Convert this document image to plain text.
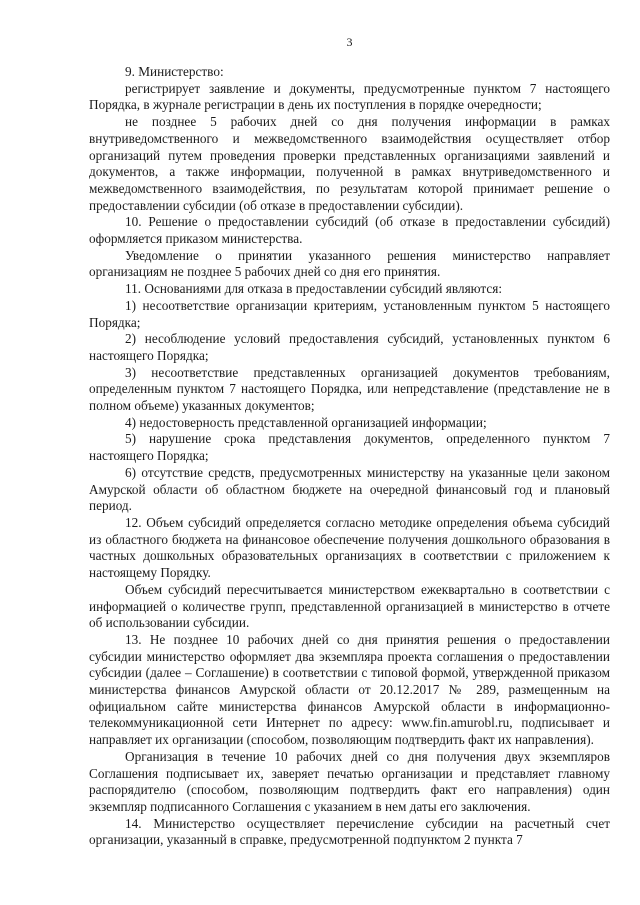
3

9. Министерство:

регистрирует заявление и документы, предусмотренные пунктом 7 настоящего Порядка, в журнале регистрации в день их поступления в порядке очередности;

не позднее 5 рабочих дней со дня получения информации в рамках внутриведомственного и межведомственного взаимодействия осуществляет отбор организаций путем проведения проверки представленных организациями заявлений и документов, а также информации, полученной в рамках внутриведомственного и межведомственного взаимодействия, по результатам которой принимает решение о предоставлении субсидии (об отказе в предоставлении субсидии).

10. Решение о предоставлении субсидий (об отказе в предоставлении субсидий) оформляется приказом министерства.

Уведомление о принятии указанного решения министерство направляет организациям не позднее 5 рабочих дней со дня его принятия.

11. Основаниями для отказа в предоставлении субсидий являются:

1) несоответствие организации критериям, установленным пунктом 5 настоящего Порядка;

2) несоблюдение условий предоставления субсидий, установленных пунктом 6 настоящего Порядка;

3) несоответствие представленных организацией документов требованиям, определенным пунктом 7 настоящего Порядка, или непредставление (представление не в полном объеме) указанных документов;

4) недостоверность представленной организацией информации;

5) нарушение срока представления документов, определенного пунктом 7 настоящего Порядка;

6) отсутствие средств, предусмотренных министерству на указанные цели законом Амурской области об областном бюджете на очередной финансовый год и плановый период.

12. Объем субсидий определяется согласно методике определения объема субсидий из областного бюджета на финансовое обеспечение получения дошкольного образования в частных дошкольных образовательных организациях в соответствии с приложением к настоящему Порядку.

Объем субсидий пересчитывается министерством ежеквартально в соответствии с информацией о количестве групп, представленной организацией в министерство в отчете об использовании субсидии.

13. Не позднее 10 рабочих дней со дня принятия решения о предоставлении субсидии министерство оформляет два экземпляра проекта соглашения о предоставлении субсидии (далее – Соглашение) в соответствии с типовой формой, утвержденной приказом министерства финансов Амурской области от 20.12.2017 № 289, размещенным на официальном сайте министерства финансов Амурской области в информационно-телекоммуникационной сети Интернет по адресу: www.fin.amurobl.ru, подписывает и направляет их организации (способом, позволяющим подтвердить факт их направления).

Организация в течение 10 рабочих дней со дня получения двух экземпляров Соглашения подписывает их, заверяет печатью организации и представляет главному распорядителю (способом, позволяющим подтвердить факт его направления) один экземпляр подписанного Соглашения с указанием в нем даты его заключения.

14. Министерство осуществляет перечисление субсидии на расчетный счет организации, указанный в справке, предусмотренной подпунктом 2 пункта 7
